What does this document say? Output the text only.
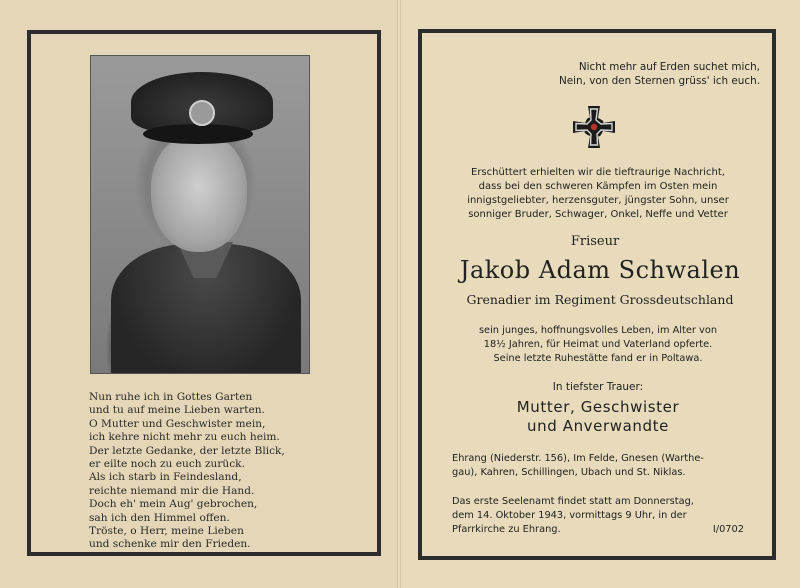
Nun ruhe ich in Gottes Garten
und tu auf meine Lieben warten.
O Mutter und Geschwister mein,
ich kehre nicht mehr zu euch heim.
Der letzte Gedanke, der letzte Blick,
er eilte noch zu euch zurück.
Als ich starb in Feindesland,
reichte niemand mir die Hand.
Doch eh' mein Aug' gebrochen,
sah ich den Himmel offen.
Tröste, o Herr, meine Lieben
und schenke mir den Frieden.
Nicht mehr auf Erden suchet mich,
Nein, von den Sternen grüss' ich euch.
Erschüttert erhielten wir die tieftraurige Nachricht,
dass bei den schweren Kämpfen im Osten mein
innigstgeliebter, herzensguter, jüngster Sohn, unser
sonniger Bruder, Schwager, Onkel, Neffe und Vetter
Friseur
Jakob Adam Schwalen
Grenadier im Regiment Grossdeutschland
sein junges, hoffnungsvolles Leben, im Alter von
18½ Jahren, für Heimat und Vaterland opferte.
Seine letzte Ruhestätte fand er in Poltawa.
In tiefster Trauer:
Mutter, Geschwister
und Anverwandte
Ehrang (Niederstr. 156), Im Felde, Gnesen (Warthe-
gau), Kahren, Schillingen, Ubach und St. Niklas.
Das erste Seelenamt findet statt am Donnerstag,
dem 14. Oktober 1943, vormittags 9 Uhr, in der
Pfarrkirche zu Ehrang.	I/0702
